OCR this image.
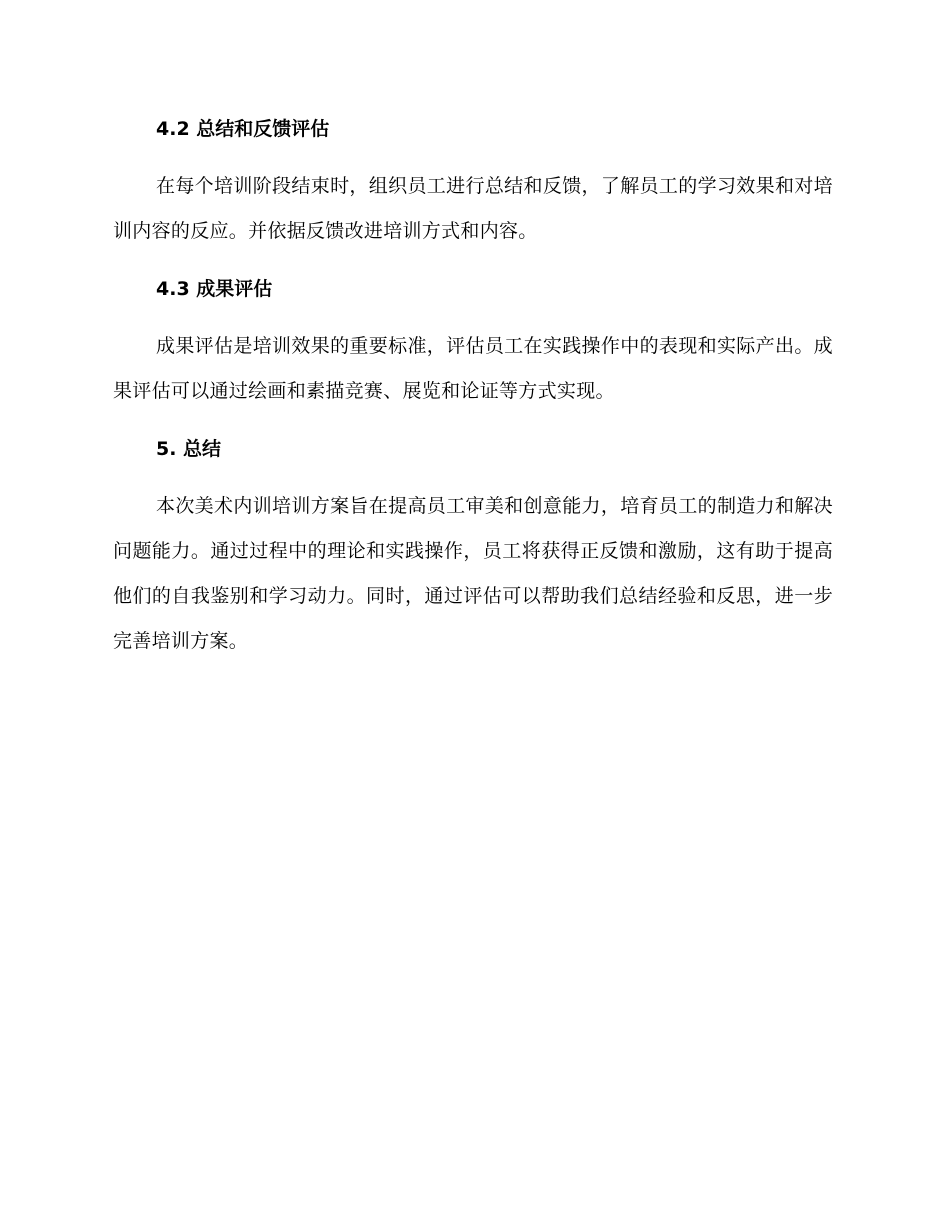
4.2 总结和反馈评估
在每个培训阶段结束时，组织员工进行总结和反馈，了解员工的学习效果和对培训内容的反应。并依据反馈改进培训方式和内容。
4.3 成果评估
成果评估是培训效果的重要标准，评估员工在实践操作中的表现和实际产出。成果评估可以通过绘画和素描竞赛、展览和论证等方式实现。
5. 总结
本次美术内训培训方案旨在提高员工审美和创意能力，培育员工的制造力和解决问题能力。通过过程中的理论和实践操作，员工将获得正反馈和激励，这有助于提高他们的自我鉴别和学习动力。同时，通过评估可以帮助我们总结经验和反思，进一步完善培训方案。
